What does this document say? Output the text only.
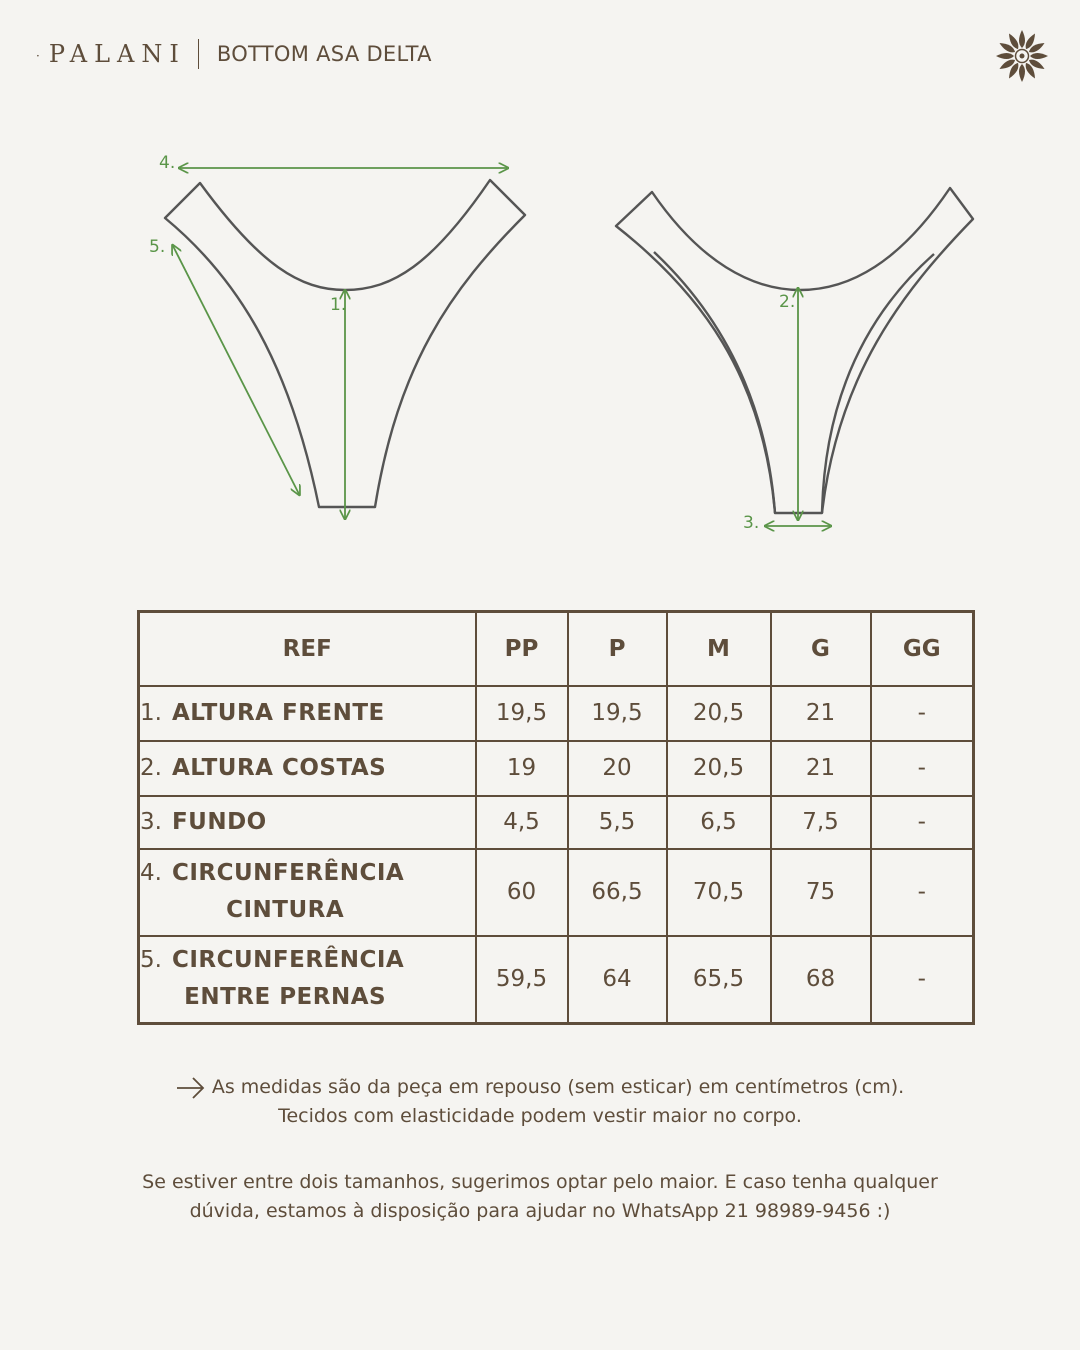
·PALANI BOTTOM ASA DELTA
4.
5.
1.	2.
3.
REF	PP	P	M	G	GG

1. ALTURA FRENTE	19,5	19,5	20,5	21	-

2. ALTURA COSTAS	19	20	20,5	21	-

3. FUNDO	4,5	5,5	6,5	7,5	-

4. CIRCUNFERÊNCIA
CINTURA	60	66,5	70,5	75	-

5. CIRCUNFERÊNCIA
ENTRE PERNAS	59,5	64	65,5	68	-
As medidas são da peça em repouso (sem esticar) em centímetros (cm).
Tecidos com elasticidade podem vestir maior no corpo.
Se estiver entre dois tamanhos, sugerimos optar pelo maior. E caso tenha qualquer
dúvida, estamos à disposição para ajudar no WhatsApp 21 98989-9456 :)
